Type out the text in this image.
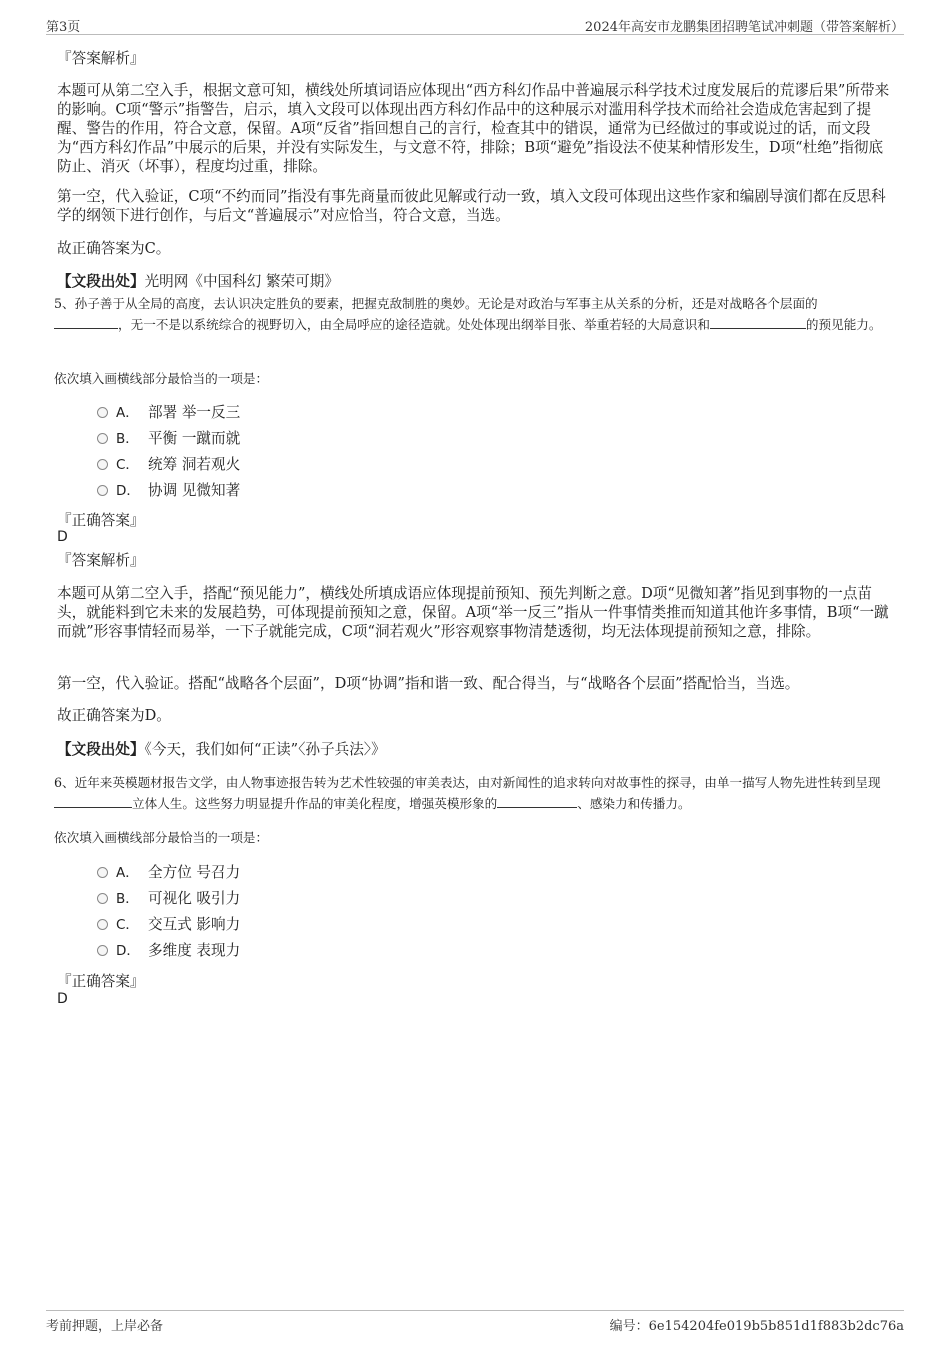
第3页	2024年高安市龙鹏集团招聘笔试冲刺题（带答案解析）
『答案解析』
本题可从第二空入手，根据文意可知，横线处所填词语应体现出“西方科幻作品中普遍展示科学技术过度发展后的荒谬后果”所带来的影响。C项“警示”指警告，启示，填入文段可以体现出西方科幻作品中的这种展示对滥用科学技术而给社会造成危害起到了提醒、警告的作用，符合文意，保留。A项“反省”指回想自己的言行，检查其中的错误，通常为已经做过的事或说过的话，而文段为“西方科幻作品”中展示的后果，并没有实际发生，与文意不符，排除；B项“避免”指设法不使某种情形发生，D项“杜绝”指彻底防止、消灭（坏事），程度均过重，排除。
第一空，代入验证，C项“不约而同”指没有事先商量而彼此见解或行动一致，填入文段可体现出这些作家和编剧导演们都在反思科学的纲领下进行创作，与后文“普遍展示”对应恰当，符合文意，当选。
故正确答案为C。
【文段出处】光明网《中国科幻 繁荣可期》
5、孙子善于从全局的高度，去认识决定胜负的要素，把握克敌制胜的奥妙。无论是对政治与军事主从关系的分析，还是对战略各个层面的
，无一不是以系统综合的视野切入，由全局呼应的途径造就。处处体现出纲举目张、举重若轻的大局意识和	的预见能力。
依次填入画横线部分最恰当的一项是：
A． 部署 举一反三
B． 平衡 一蹴而就
C． 统筹 洞若观火
D． 协调 见微知著
『正确答案』
D
『答案解析』
本题可从第二空入手，搭配“预见能力”，横线处所填成语应体现提前预知、预先判断之意。D项“见微知著”指见到事物的一点苗头，就能料到它未来的发展趋势，可体现提前预知之意，保留。A项“举一反三”指从一件事情类推而知道其他许多事情，B项“一蹴而就”形容事情轻而易举，一下子就能完成，C项“洞若观火”形容观察事物清楚透彻，均无法体现提前预知之意，排除。
第一空，代入验证。搭配“战略各个层面”，D项“协调”指和谐一致、配合得当，与“战略各个层面”搭配恰当，当选。
故正确答案为D。
【文段出处】《今天，我们如何“正读”〈孙子兵法〉》
6、近年来英模题材报告文学，由人物事迹报告转为艺术性较强的审美表达，由对新闻性的追求转向对故事性的探寻，由单一描写人物先进性转到呈现立体人生。这些努力明显提升作品的审美化程度，增强英模形象的	、感染力和传播力。
依次填入画横线部分最恰当的一项是：
A． 全方位 号召力
B． 可视化 吸引力
C． 交互式 影响力
D． 多维度 表现力
『正确答案』
D
考前押题，上岸必备	编号：6e154204fe019b5b851d1f883b2dc76a
